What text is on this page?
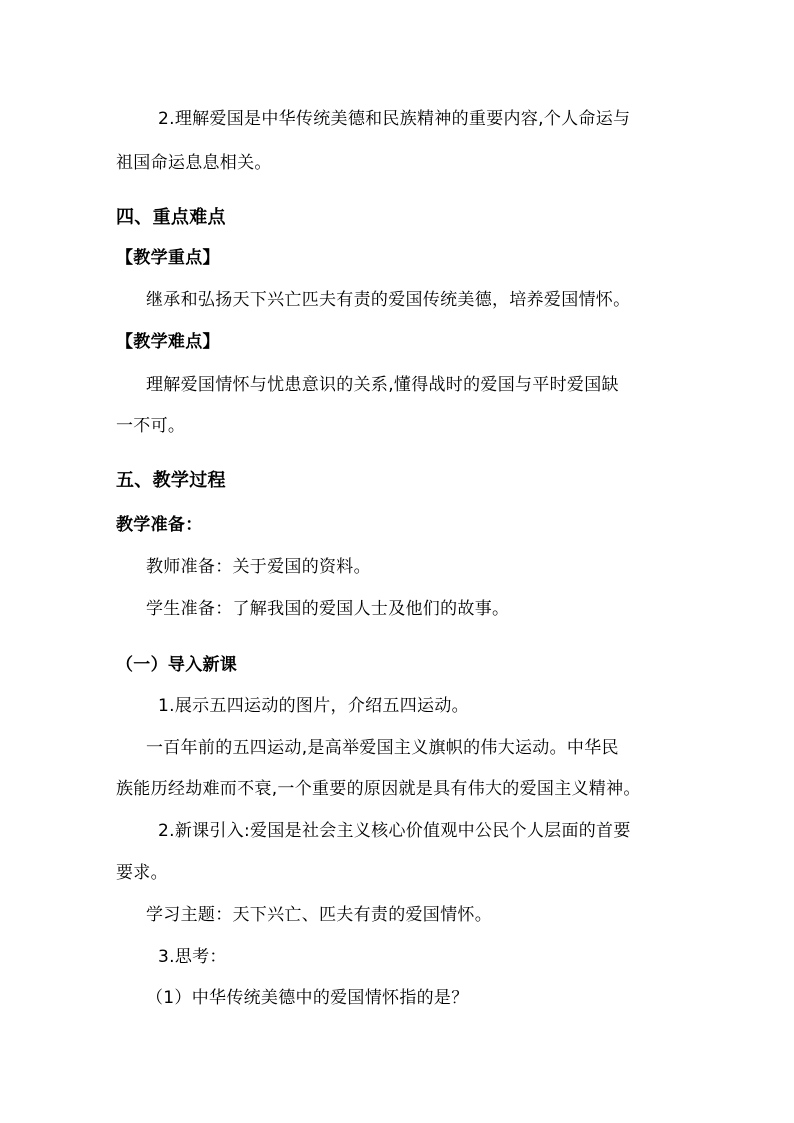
2.理解爱国是中华传统美德和民族精神的重要内容,个人命运与
祖国命运息息相关。
四、重点难点
【教学重点】
继承和弘扬天下兴亡匹夫有责的爱国传统美德，培养爱国情怀。
【教学难点】
理解爱国情怀与忧患意识的关系,懂得战时的爱国与平时爱国缺
一不可。
五、教学过程
教学准备：
教师准备：关于爱国的资料。
学生准备：了解我国的爱国人士及他们的故事。
（一）导入新课
1.展示五四运动的图片，介绍五四运动。
一百年前的五四运动,是高举爱国主义旗帜的伟大运动。中华民
族能历经劫难而不衰,一个重要的原因就是具有伟大的爱国主义精神。
2.新课引入:爱国是社会主义核心价值观中公民个人层面的首要
要求。
学习主题：天下兴亡、匹夫有责的爱国情怀。
3.思考：
（1）中华传统美德中的爱国情怀指的是？
